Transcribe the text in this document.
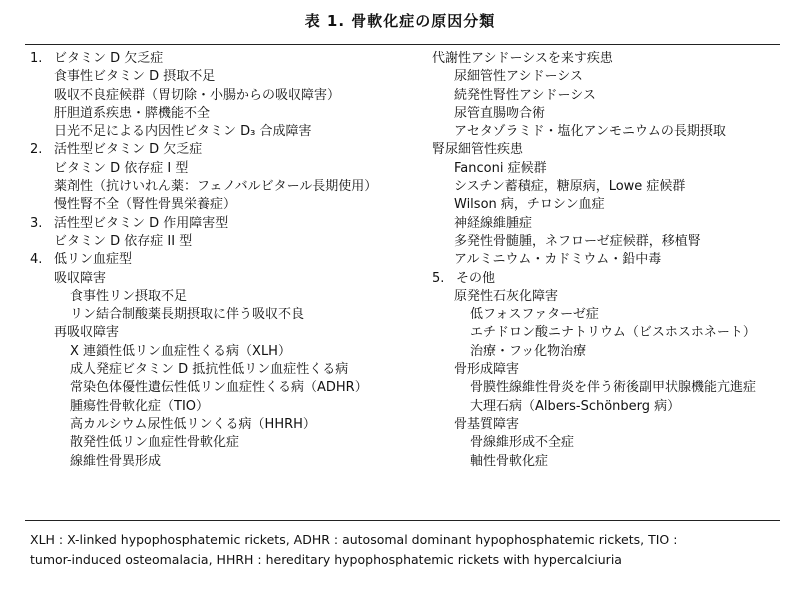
表 1. 骨軟化症の原因分類
1. ビタミン D 欠乏症
食事性ビタミン D 摂取不足
吸収不良症候群（胃切除・小腸からの吸収障害）
肝胆道系疾患・膵機能不全
日光不足による内因性ビタミン D₃ 合成障害
2. 活性型ビタミン D 欠乏症
ビタミン D 依存症 I 型
薬剤性（抗けいれん薬：フェノバルビタール長期使用）
慢性腎不全（腎性骨異栄養症）
3. 活性型ビタミン D 作用障害型
ビタミン D 依存症 II 型
4. 低リン血症型
吸収障害
食事性リン摂取不足
リン結合制酸薬長期摂取に伴う吸収不良
再吸収障害
X 連鎖性低リン血症性くる病（XLH）
成人発症ビタミン D 抵抗性低リン血症性くる病
常染色体優性遺伝性低リン血症性くる病（ADHR）
腫瘍性骨軟化症（TIO）
高カルシウム尿性低リンくる病（HHRH）
散発性低リン血症性骨軟化症
線維性骨異形成
代謝性アシドーシスを来す疾患
尿細管性アシドーシス
続発性腎性アシドーシス
尿管直腸吻合術
アセタゾラミド・塩化アンモニウムの長期摂取
腎尿細管性疾患
Fanconi 症候群
シスチン蓄積症，糖原病，Lowe 症候群
Wilson 病，チロシン血症
神経線維腫症
多発性骨髄腫，ネフローゼ症候群，移植腎
アルミニウム・カドミウム・鉛中毒
5. その他
原発性石灰化障害
低フォスファターゼ症
エチドロン酸ニナトリウム（ビスホスホネート）
治療・フッ化物治療
骨形成障害
骨膜性線維性骨炎を伴う術後副甲状腺機能亢進症
大理石病（Albers-Schönberg 病）
骨基質障害
骨線維形成不全症
軸性骨軟化症
XLH : X-linked hypophosphatemic rickets, ADHR : autosomal dominant hypophosphatemic rickets, TIO :
tumor-induced osteomalacia, HHRH : hereditary hypophosphatemic rickets with hypercalciuria
